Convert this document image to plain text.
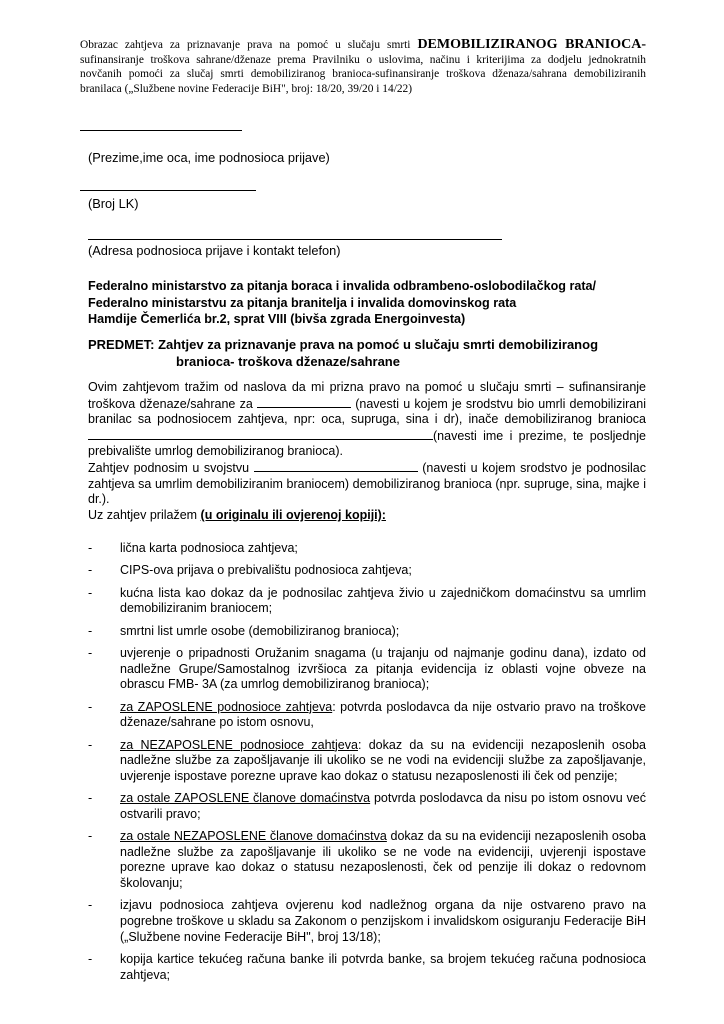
Obrazac zahtjeva za priznavanje prava na pomoć u slučaju smrti DEMOBILIZIRANOG BRANIOCA- sufinansiranje troškova sahrane/dženaze prema Pravilniku o uslovima, načinu i kriterijima za dodjelu jednokratnih novčanih pomoći za slučaj smrti demobiliziranog branioca-sufinansiranje troškova dženaza/sahrana demobiliziranih branilaca („Službene novine Federacije BiH", broj: 18/20, 39/20 i 14/22)
(Prezime,ime oca, ime podnosioca prijave)
(Broj LK)
(Adresa podnosioca prijave i kontakt telefon)
Federalno ministarstvo za pitanja boraca i invalida odbrambeno-oslobodilačkog rata/
Federalno ministarstvu za pitanja branitelja i invalida domovinskog rata
Hamdije Čemerlića br.2, sprat VIII (bivša zgrada Energoinvesta)
PREDMET: Zahtjev za priznavanje prava na pomoć u slučaju smrti demobiliziranog
branioca- troškova dženaze/sahrane

Ovim zahtjevom tražim od naslova da mi prizna pravo na pomoć u slučaju smrti – sufinansiranje troškova dženaze/sahrane za	(navesti u kojem je srodstvu bio umrli demobilizirani branilac sa podnosiocem zahtjeva, npr: oca, supruga, sina i dr), inače demobiliziranog branioca(navesti ime i prezime, te posljednje prebivalište umrlog demobiliziranog branioca).

Zahtjev podnosim u svojstvu	(navesti u kojem srodstvo je podnosilac zahtjeva sa umrlim demobiliziranim braniocem) demobiliziranog branioca (npr. supruge, sina, majke i dr.).

Uz zahtjev prilažem (u originalu ili ovjerenoj kopiji):

-	lična karta podnosioca zahtjeva;
-	CIPS-ova prijava o prebivalištu podnosioca zahtjeva;
-	kućna lista kao dokaz da je podnosilac zahtjeva živio u zajedničkom domaćinstvu sa umrlim demobiliziranim braniocem;
-	smrtni list umrle osobe (demobiliziranog branioca);
-	uvjerenje o pripadnosti Oružanim snagama (u trajanju od najmanje godinu dana), izdato od nadležne Grupe/Samostalnog izvršioca za pitanja evidencija iz oblasti vojne obveze na obrascu FMB- 3A (za umrlog demobiliziranog branioca);
-	za ZAPOSLENE podnosioce zahtjeva: potvrda poslodavca da nije ostvario pravo na troškove dženaze/sahrane po istom osnovu,
-	za NEZAPOSLENE podnosioce zahtjeva: dokaz da su na evidenciji nezaposlenih osoba nadležne službe za zapošljavanje ili ukoliko se ne vodi na evidenciji službe za zapošljavanje, uvjerenje ispostave porezne uprave kao dokaz o statusu nezaposlenosti ili ček od penzije;
-	za ostale ZAPOSLENE članove domaćinstva potvrda poslodavca da nisu po istom osnovu već ostvarili pravo;
-	za ostale NEZAPOSLENE članove domaćinstva dokaz da su na evidenciji nezaposlenih osoba nadležne službe za zapošljavanje ili ukoliko se ne vode na evidenciji, uvjerenji ispostave porezne uprave kao dokaz o statusu nezaposlenosti, ček od penzije ili dokaz o redovnom školovanju;
-	izjavu podnosioca zahtjeva ovjerenu kod nadležnog organa da nije ostvareno pravo na pogrebne troškove u skladu sa Zakonom o penzijskom i invalidskom osiguranju Federacije BiH („Službene novine Federacije BiH", broj 13/18);
-	kopija kartice tekućeg računa banke ili potvrda banke, sa brojem tekućeg računa podnosioca zahtjeva;
